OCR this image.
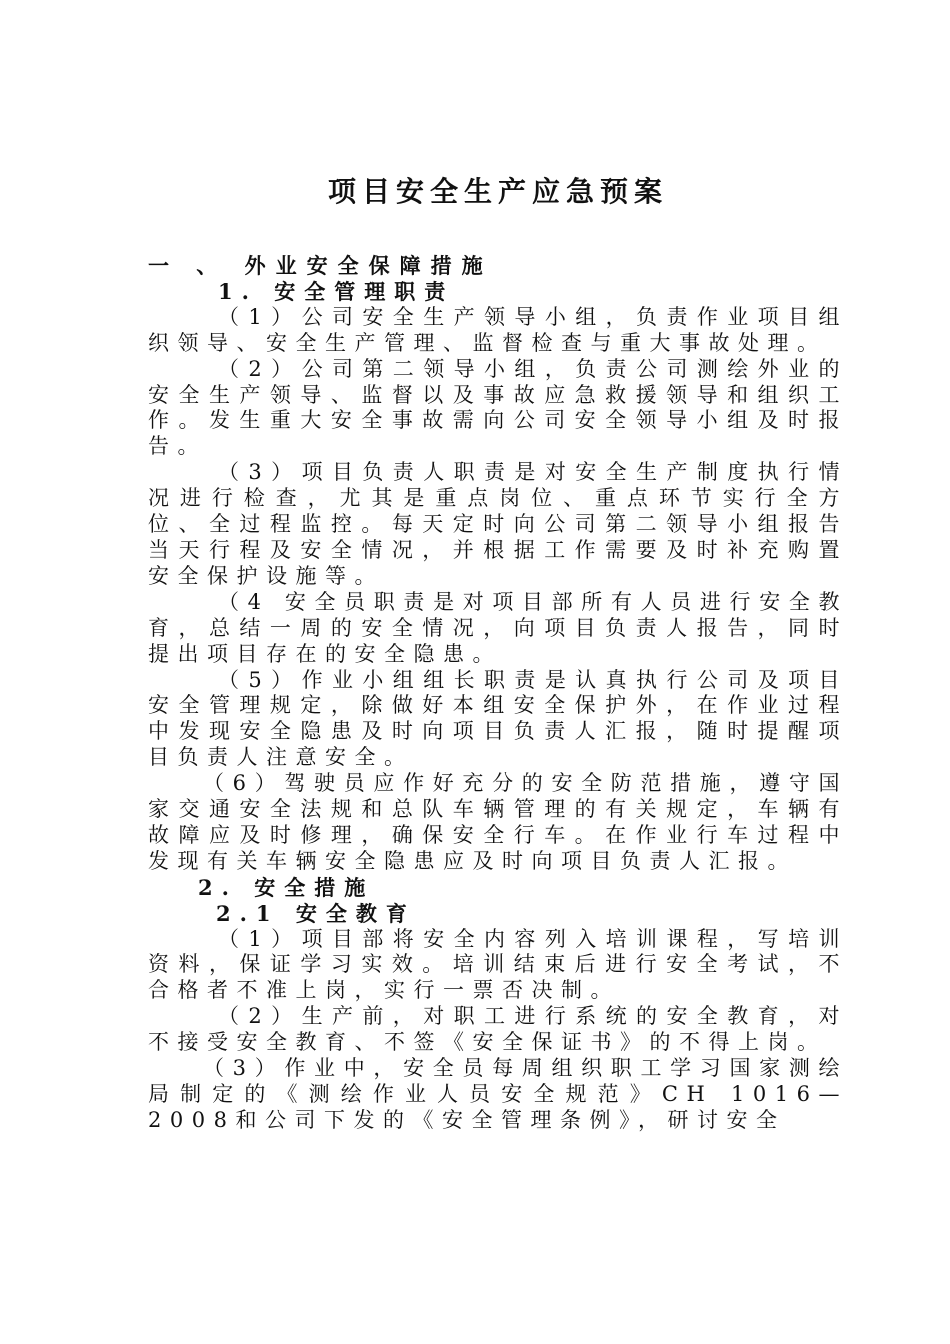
项目安全生产应急预案

一 、 外业安全保障措施

1. 安全管理职责

（1）公司安全生产领导小组，负责作业项目组织领导、安全生产管理、监督检查与重大事故处理。

（2）公司第二领导小组，负责公司测绘外业的安全生产领导、监督以及事故应急救援领导和组织工作。发生重大安全事故需向公司安全领导小组及时报告。

（3）项目负责人职责是对安全生产制度执行情况进行检查，尤其是重点岗位、重点环节实行全方位、全过程监控。每天定时向公司第二领导小组报告当天行程及安全情况，并根据工作需要及时补充购置安全保护设施等。

（4 安全员职责是对项目部所有人员进行安全教育，总结一周的安全情况，向项目负责人报告，同时提出项目存在的安全隐患。

（5）作业小组组长职责是认真执行公司及项目安全管理规定，除做好本组安全保护外，在作业过程中发现安全隐患及时向项目负责人汇报，随时提醒项目负责人注意安全。

（6）驾驶员应作好充分的安全防范措施，遵守国家交通安全法规和总队车辆管理的有关规定，车辆有故障应及时修理，确保安全行车。在作业行车过程中发现有关车辆安全隐患应及时向项目负责人汇报。

2. 安全措施

2.1 安全教育

（1）项目部将安全内容列入培训课程，写培训资料，保证学习实效。培训结束后进行安全考试，不合格者不准上岗，实行一票否决制。

（2）生产前，对职工进行系统的安全教育，对不接受安全教育、不签《安全保证书》的不得上岗。

（3）作业中，安全员每周组织职工学习国家测绘局制定的《测绘作业人员安全规范》CH 1016—2008和公司下发的《安全管理条例》，研讨安全
